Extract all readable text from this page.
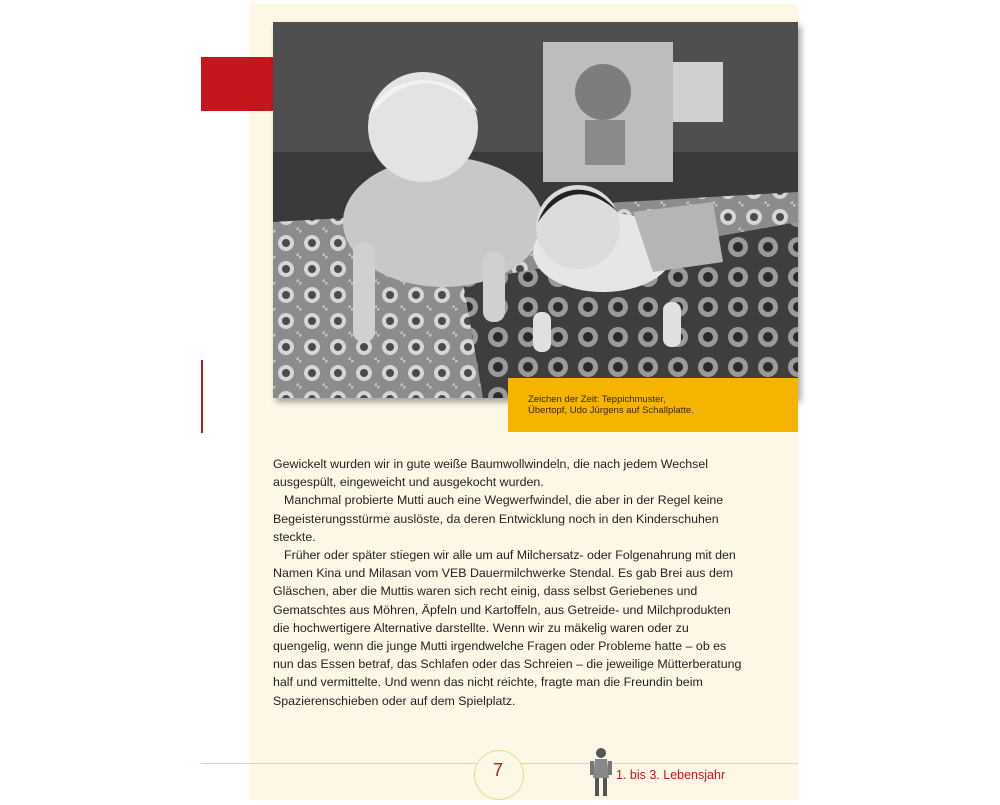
Zeichen der Zeit: Teppichmuster,
Übertopf, Udo Jürgens auf Schallplatte.

Gewickelt wurden wir in gute weiße Baumwollwindeln, die nach jedem Wechsel ausgespült, eingeweicht und ausgekocht wurden.

Manchmal probierte Mutti auch eine Wegwerfwindel, die aber in der Regel keine Begeisterungsstürme auslöste, da deren Entwicklung noch in den Kinderschuhen steckte.

Früher oder später stiegen wir alle um auf Milchersatz- oder Folgenahrung mit den Namen Kina und Milasan vom VEB Dauermilchwerke Stendal. Es gab Brei aus dem Gläschen, aber die Muttis waren sich recht einig, dass selbst Geriebenes und Gematschtes aus Möhren, Äpfeln und Kartoffeln, aus Getreide- und Milchprodukten die hochwertigere Alternative darstellte. Wenn wir zu mäkelig waren oder zu quengelig, wenn die junge Mutti irgendwelche Fragen oder Probleme hatte – ob es nun das Essen betraf, das Schlafen oder das Schreien – die jeweilige Mütterberatung half und vermittelte. Und wenn das nicht reichte, fragte man die Freundin beim Spazierenschieben oder auf dem Spielplatz.

7	1. bis 3. Lebensjahr
